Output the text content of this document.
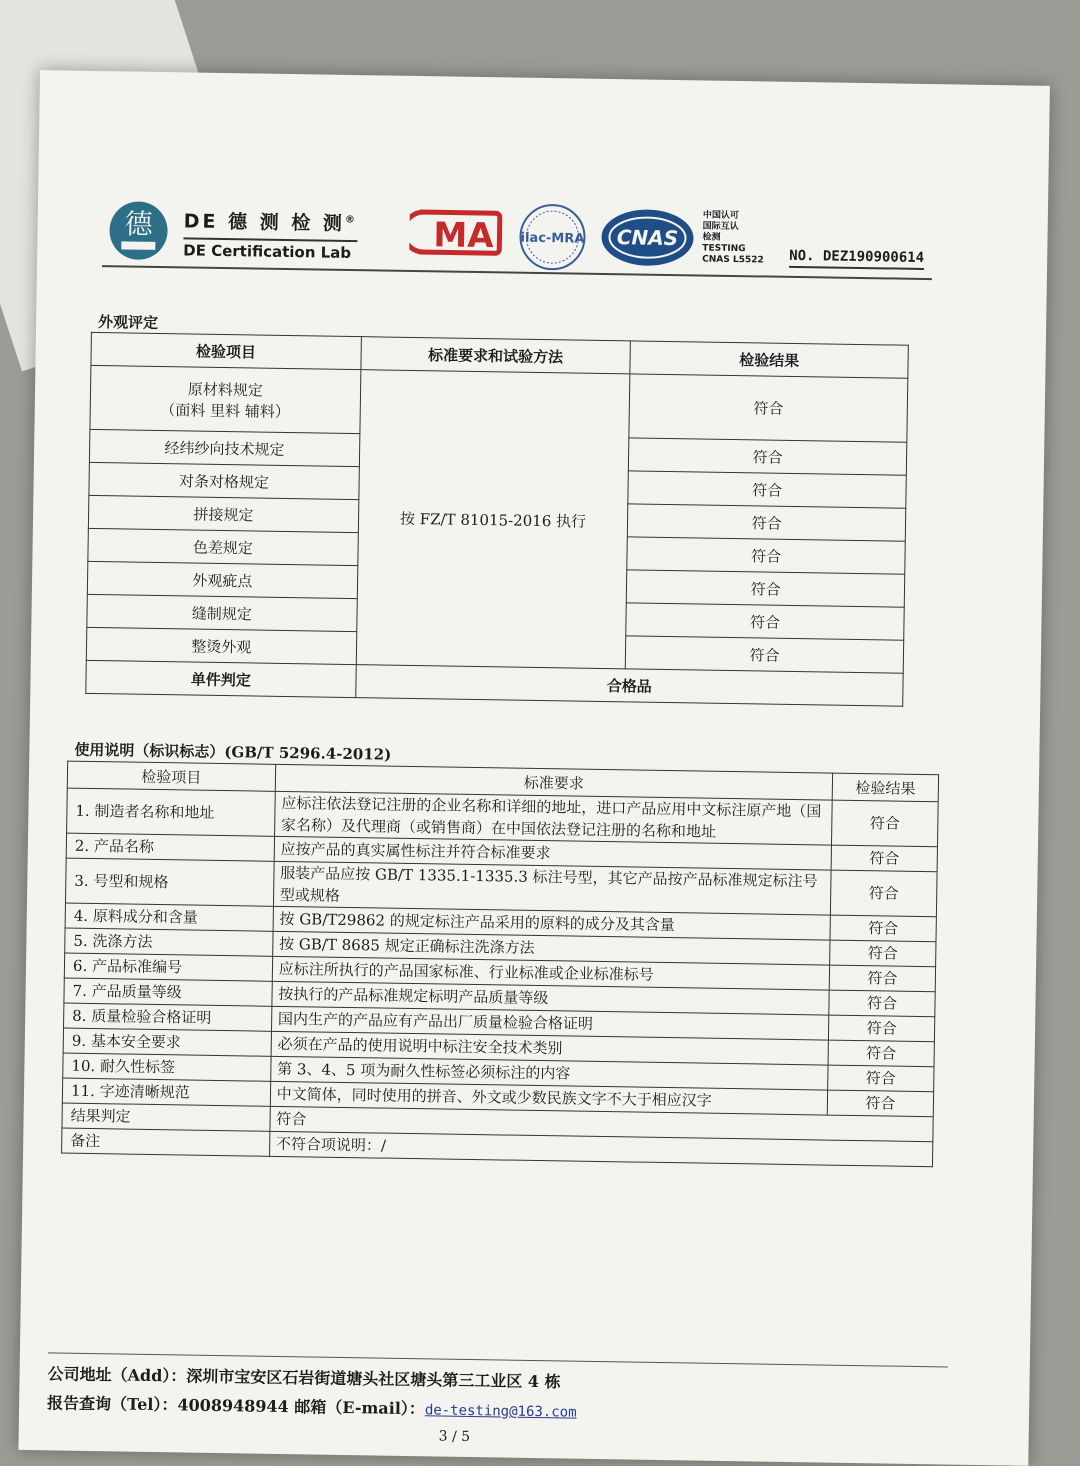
德 DE 德 测 检 测®
DE Certification Lab MA ilac-MRA CNAS
中国认可
国际互认
检测
TESTING
CNAS L5522 NO. DEZ190900614
外观评定
检验项目	标准要求和试验方法	检验结果

原材料规定
（面料 里料 辅料）	按 FZ/T 81015-2016 执行	符合
经纬纱向技术规定		符合
对条对格规定		符合
拼接规定		符合
色差规定		符合
外观疵点		符合
缝制规定		符合
整烫外观		符合
单件判定	合格品	
使用说明（标识标志）(GB/T 5296.4-2012)
检验项目	标准要求	检验结果
1. 制造者名称和地址	应标注依法登记注册的企业名称和详细的地址，进口产品应用中文标注原产地（国家名称）及代理商（或销售商）在中国依法登记注册的名称和地址	符合
2. 产品名称	应按产品的真实属性标注并符合标准要求	符合
3. 号型和规格	服装产品应按 GB/T 1335.1-1335.3 标注号型，其它产品按产品标准规定标注号型或规格	符合
4. 原料成分和含量	按 GB/T29862 的规定标注产品采用的原料的成分及其含量	符合
5. 洗涤方法	按 GB/T 8685 规定正确标注洗涤方法	符合
6. 产品标准编号	应标注所执行的产品国家标准、行业标准或企业标准标号	符合
7. 产品质量等级	按执行的产品标准规定标明产品质量等级	符合
8. 质量检验合格证明	国内生产的产品应有产品出厂质量检验合格证明	符合
9. 基本安全要求	必须在产品的使用说明中标注安全技术类别	符合
10. 耐久性标签	第 3、4、5 项为耐久性标签必须标注的内容	符合
11. 字迹清晰规范	中文简体，同时使用的拼音、外文或少数民族文字不大于相应汉字	符合
结果判定	符合	
备注	不符合项说明：/	
公司地址（Add）：深圳市宝安区石岩街道塘头社区塘头第三工业区 4 栋
报告查询（Tel）：4008948944 邮箱（E-mail）：de-testing@163.com
3 / 5
